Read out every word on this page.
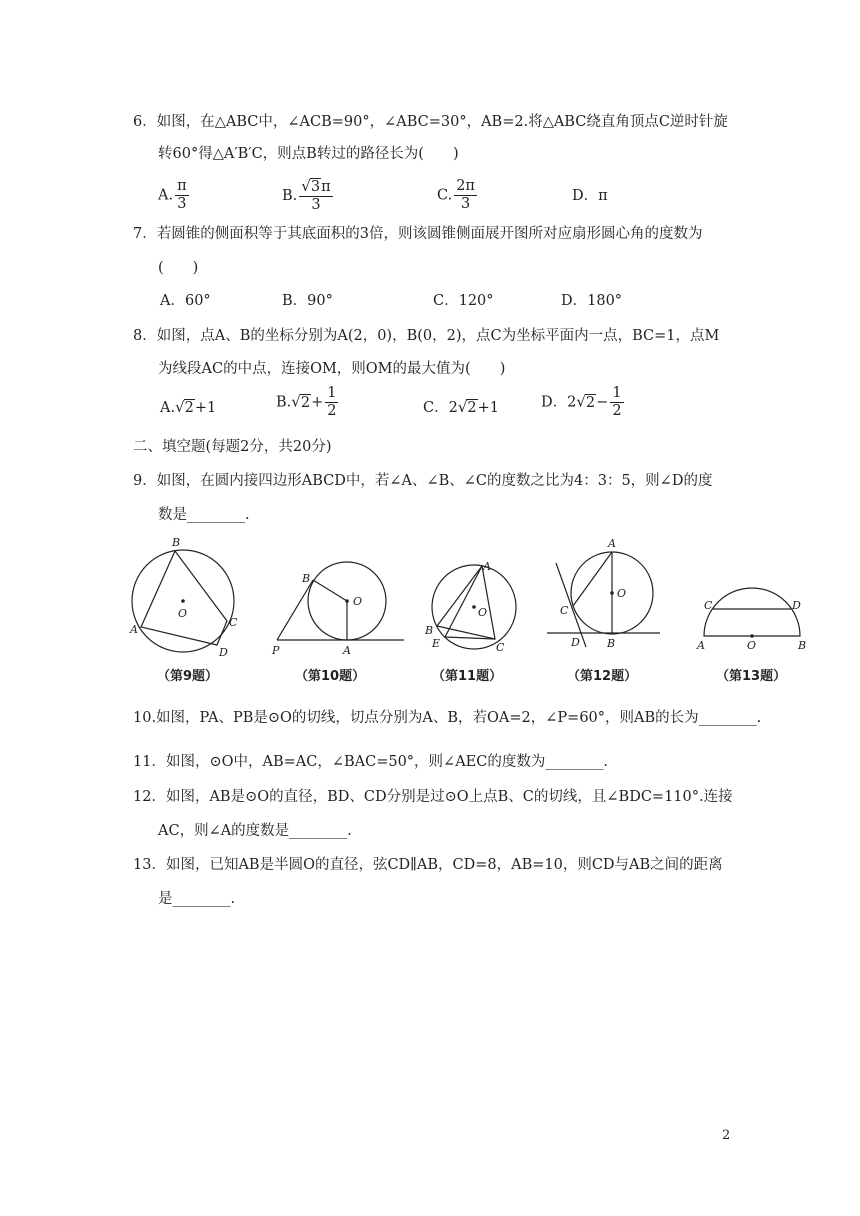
6．如图，在△ABC中，∠ACB=90°，∠ABC=30°，AB=2.将△ABC绕直角顶点C逆时针旋
转60°得△A′B′C，则点B转过的路径长为(　　)
A. $\frac{\pi}{3}$	B. $\frac{√3\pi}{3}$	C. $\frac{2\pi}{3}$	D．π
7．若圆锥的侧面积等于其底面积的3倍，则该圆锥侧面展开图所对应扇形圆心角的度数为
(　　)
A．60°	B．90°	C．120°	D．180°
8．如图，点A、B的坐标分别为A(2，0)，B(0，2)，点C为坐标平面内一点，BC=1，点M
为线段AC的中点，连接OM，则OM的最大值为(　　)
A.√2+1	$B.√2+ \frac{1}{2}$	C．2√2+1	D．$2√2- \frac{1}{2}$
二、填空题(每题2分，共20分)
9．如图，在圆内接四边形ABCD中，若∠A、∠B、∠C的度数之比为4：3：5，则∠D的度
数是________.
B
O
A
C
D
B
O
P	A
A
O
B
E	C
A
O
C
D B
C	D
A	O	B
（第9题）	（第10题）	（第11题）	（第12题）	（第13题）
10.如图，PA、PB是⊙O的切线，切点分别为A、B，若OA=2，∠P=60°，则AB的长为________.
11．如图，⊙O中，AB=AC，∠BAC=50°，则∠AEC的度数为________.
12．如图，AB是⊙O的直径，BD、CD分别是过⊙O上点B、C的切线，且∠BDC=110°.连接
AC，则∠A的度数是________.
13．如图，已知AB是半圆O的直径，弦CD∥AB，CD=8，AB=10，则CD与AB之间的距离
是________.
2
